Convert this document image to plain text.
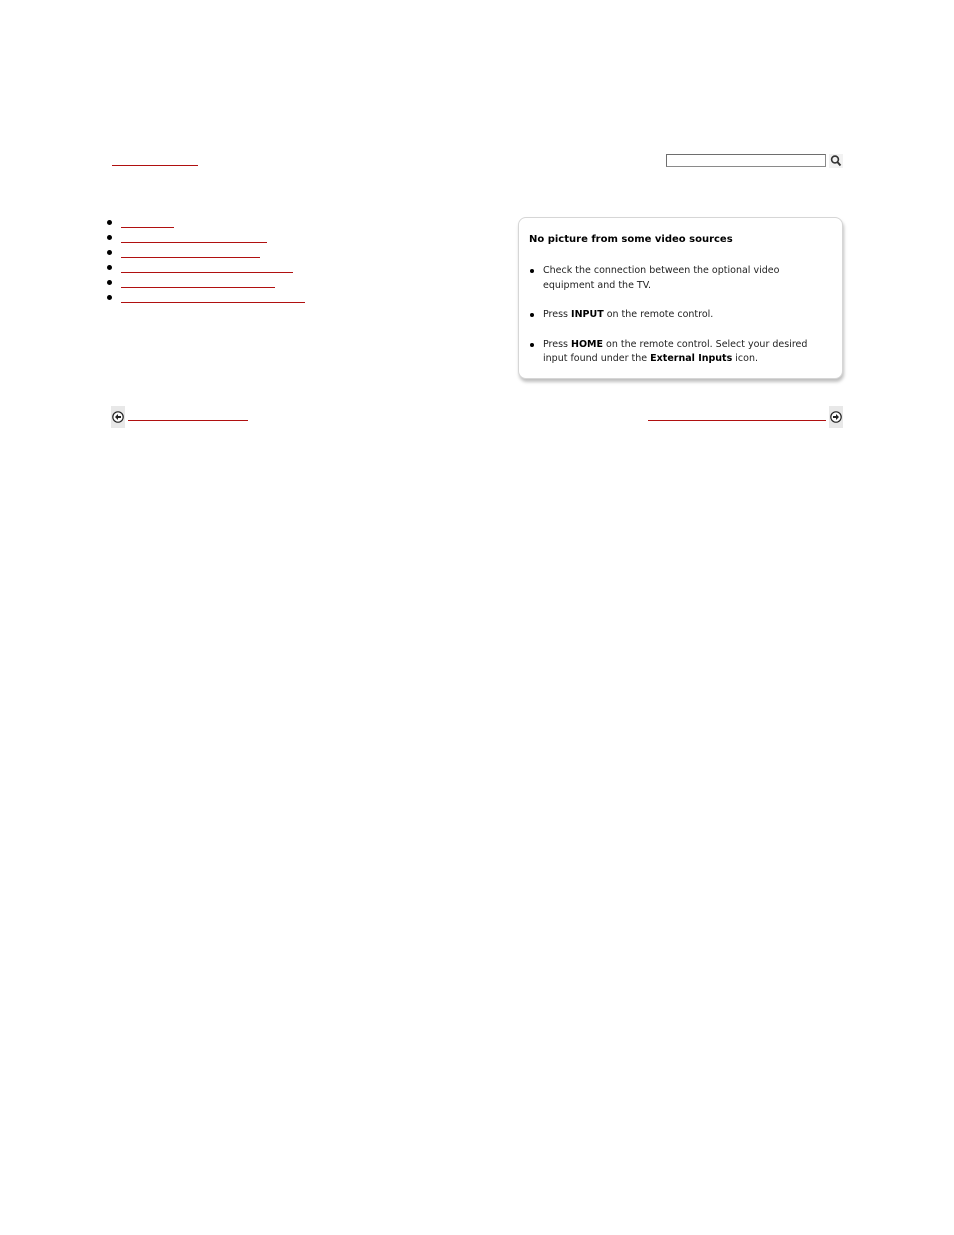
No picture from some video sources

Check the connection between the optional video equipment and the TV.
Press INPUT on the remote control.
Press HOME on the remote control. Select your desired input found under the External Inputs icon.
